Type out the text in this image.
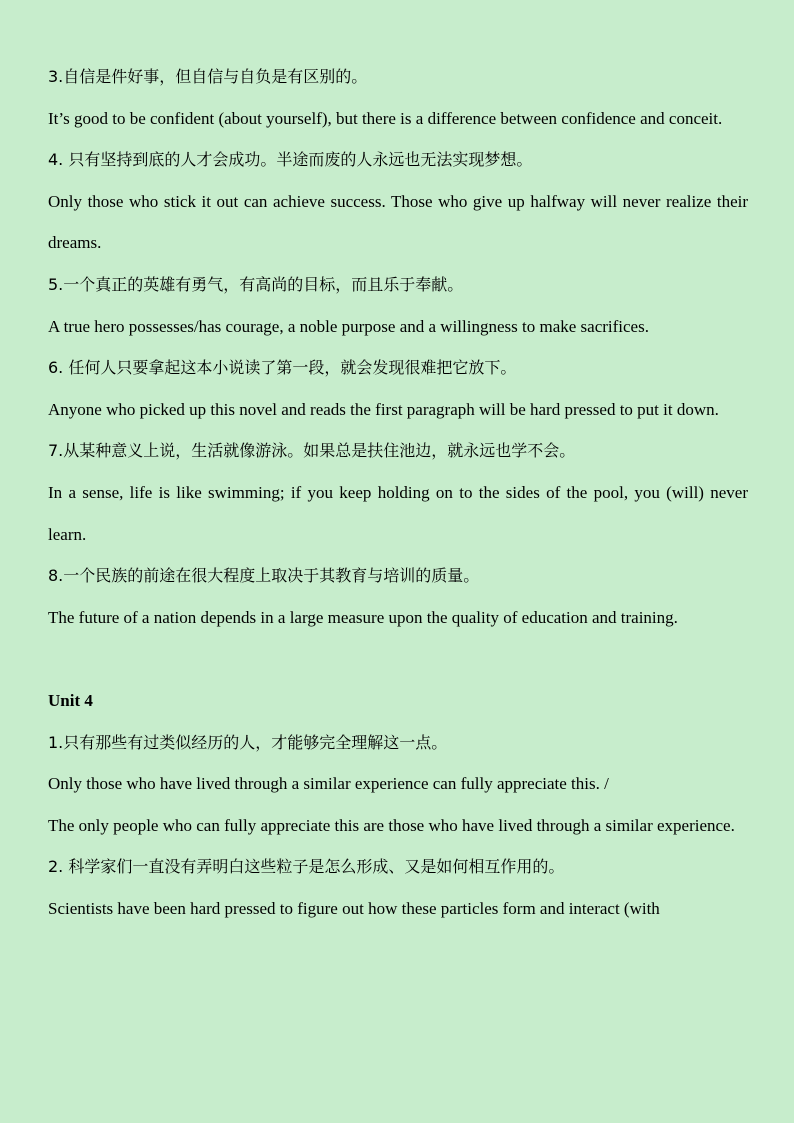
3.自信是件好事，但自信与自负是有区别的。

It’s good to be confident (about yourself), but there is a difference between confidence and conceit.

4. 只有坚持到底的人才会成功。半途而废的人永远也无法实现梦想。

Only those who stick it out can achieve success. Those who give up halfway will never realize their dreams.

5.一个真正的英雄有勇气，有高尚的目标，而且乐于奉献。

A true hero possesses/has courage, a noble purpose and a willingness to make sacrifices.

6. 任何人只要拿起这本小说读了第一段，就会发现很难把它放下。

Anyone who picked up this novel and reads the first paragraph will be hard pressed to put it down.

7.从某种意义上说，生活就像游泳。如果总是扶住池边，就永远也学不会。

In a sense, life is like swimming; if you keep holding on to the sides of the pool, you (will) never learn.

8.一个民族的前途在很大程度上取决于其教育与培训的质量。

The future of a nation depends in a large measure upon the quality of education and training.

Unit 4

1.只有那些有过类似经历的人，才能够完全理解这一点。

Only those who have lived through a similar experience can fully appreciate this. /

The only people who can fully appreciate this are those who have lived through a similar experience.

2. 科学家们一直没有弄明白这些粒子是怎么形成、又是如何相互作用的。

Scientists have been hard pressed to figure out how these particles form and interact (with
